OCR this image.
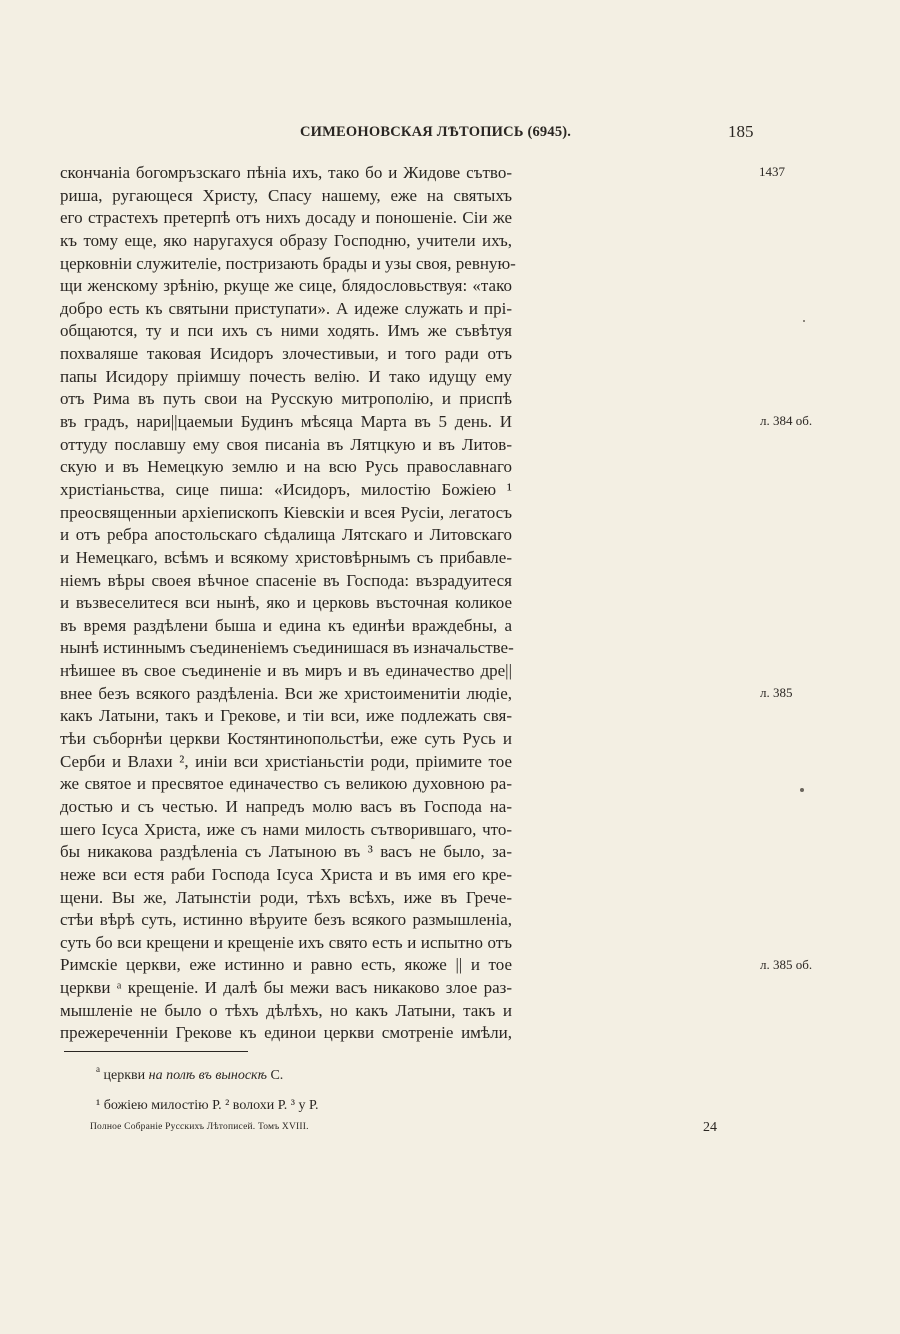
СИМЕОНОВСКАЯ ЛѢТОПИСЬ (6945).	185
скончаніа богомръзскаго пѣніа ихъ, тако бо и Жидове сътво-
риша, ругающеся Христу, Спасу нашему, еже на святыхъ
его страстехъ претерпѣ отъ нихъ досаду и поношеніе. Сіи же
къ тому еще, яко наругахуся образу Господню, учители ихъ,
церковніи служителіе, постризають брады и узы своя, ревную-
щи женскому зрѣнію, ркуще же сице, блядословьствуя: «тако
добро есть къ святыни приступати». А идеже служать и прі-
общаются, ту и пси ихъ съ ними ходять. Имъ же съвѣтуя
похваляше таковая Исидоръ злочестивыи, и того ради отъ
папы Исидору пріимшу почесть велію. И тако идущу ему
отъ Рима въ путь свои на Русскую митрополію, и приспѣ
въ градъ, нари||цаемыи Будинъ мѣсяца Марта въ 5 день. И
оттуду пославшу ему своя писаніа въ Лятцкую и въ Литов-
скую и въ Немецкую землю и на всю Русь православнаго
христіаньства, сице пиша: «Исидоръ, милостію Божіею ¹
преосвященныи архіепископъ Кіевскіи и всея Русіи, легатосъ
и отъ ребра апостольскаго сѣдалища Лятскаго и Литовскаго
и Немецкаго, всѣмъ и всякому христовѣрнымъ съ прибавле-
ніемъ вѣры своея вѣчное спасеніе въ Господа: възрадуитеся
и възвеселитеся вси нынѣ, яко и церковь въсточная коликое
въ время раздѣлени быша и едина къ единѣи враждебны, а
нынѣ истиннымъ съединеніемъ съединишася въ изначальстве-
нѣишее въ свое съединеніе и въ миръ и въ единачество дре||
внее безъ всякого раздѣленіа. Вси же христоименитіи людіе,
какъ Латыни, такъ и Грекове, и тіи вси, иже подлежать свя-
тѣи съборнѣи церкви Костянтинопольстѣи, еже суть Русь и
Серби и Влахи ², иніи вси христіаньстіи роди, пріимите тое
же святое и пресвятое единачество съ великою духовною ра-
достью и съ честью. И напредъ молю васъ въ Господа на-
шего Ісуса Христа, иже съ нами милость сътворившаго, что-
бы никакова раздѣленіа съ Латыною въ ³ васъ не было, за-
неже вси естя раби Господа Ісуса Христа и въ имя его кре-
щени. Вы же, Латынстіи роди, тѣхъ всѣхъ, иже въ Грече-
стѣи вѣрѣ суть, истинно вѣруите безъ всякого размышленіа,
суть бо вси крещени и крещеніе ихъ свято есть и испытно отъ
Римскіе церкви, еже истинно и равно есть, якоже || и тое
церкви ᵃ крещеніе. И далѣ бы межи васъ никаково злое раз-
мышленіе не было о тѣхъ дѣлѣхъ, но какъ Латыни, такъ и
прежереченніи Грекове къ единои церкви смотреніе имѣли,
1437
л. 384 об.
л. 385
л. 385 об.
$^а$ церкви на полѣ въ выноскѣ С.
¹ божіею милостію Р. ² волохи Р. ³ у Р.
Полное Собраніе Русскихъ Лѣтописей. Томъ XVIII.	24
